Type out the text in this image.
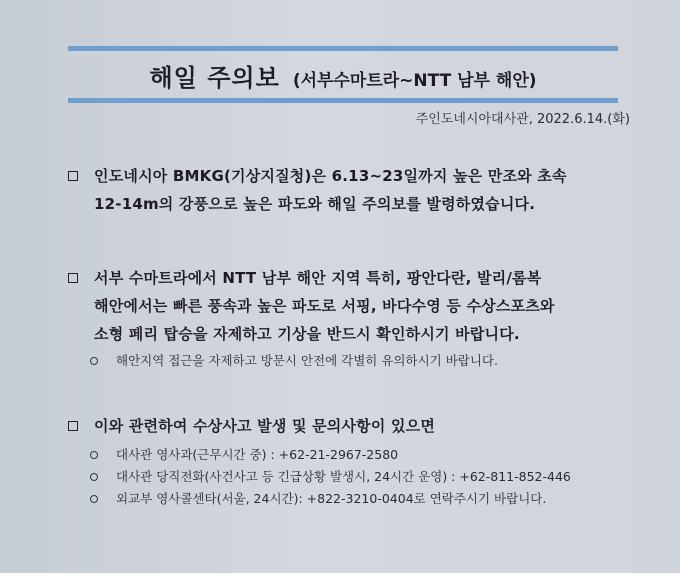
해일 주의보 (서부수마트라~NTT 남부 해안)
주인도네시아대사관, 2022.6.14.(화)
인도네시아 BMKG(기상지질청)은 6.13~23일까지 높은 만조와 초속
12-14m의 강풍으로 높은 파도와 해일 주의보를 발령하였습니다.
서부 수마트라에서 NTT 남부 해안 지역 특히, 팡안다란, 발리/롬복
해안에서는 빠른 풍속과 높은 파도로 서핑, 바다수영 등 수상스포츠와
소형 페리 탑승을 자제하고 기상을 반드시 확인하시기 바랍니다.
해안지역 접근을 자제하고 방문시 안전에 각별히 유의하시기 바랍니다.
이와 관련하여 수상사고 발생 및 문의사항이 있으면
대사관 영사과(근무시간 중) : +62-21-2967-2580
대사관 당직전화(사건사고 등 긴급상황 발생시, 24시간 운영) : +62-811-852-446
외교부 영사콜센타(서울, 24시간): +822-3210-0404로 연락주시기 바랍니다.
